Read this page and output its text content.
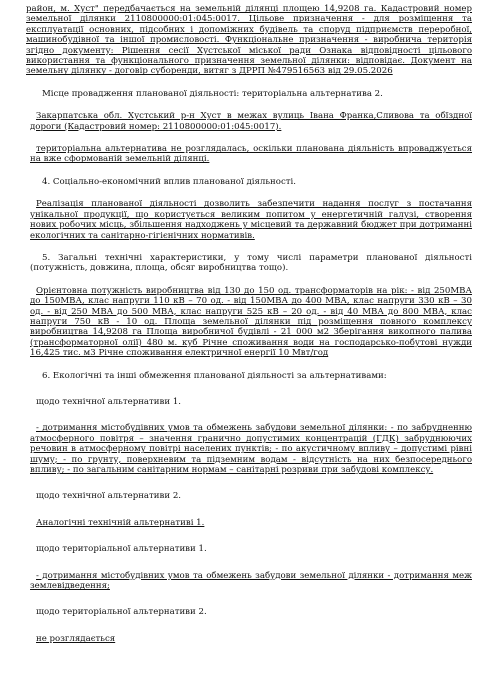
район, м. Хуст" передбачається на земельній ділянці площею 14,9208 га. Кадастровий номер земельної ділянки 2110800000:01:045:0017. Цільове призначення - для розміщення та експлуатації основних, підсобних і допоміжних будівель та споруд підприємств переробної, машинобудівної та іншої промисловості. Функціональне призначення - виробнича територія згідно документу: Рішення сесії Хустської міської ради Ознака відповідності цільового використання та функціонального призначення земельної ділянки: відповідає. Документ на земельну ділянку - договір суборенди, витяг з ДРРП №479516563 від 29.05.2026

Місце провадження планованої діяльності: територіальна альтернатива 2.

Закарпатська обл. Хустський р-н Хуст в межах вулиць Івана Франка,Сливова та обїздної дороги (Кадастровий номер: 2110800000:01:045:0017).

територіальна альтернатива не розглядалась, оскільки планована діяльність впроваджується на вже сформованій земельній ділянці.

4. Соціально-економічний вплив планованої діяльності.

Реалізація планованої діяльності дозволить забезпечити надання послуг з постачання унікальної продукції, що користується великим попитом у енергетичній галузі, створення нових робочих місць, збільшення надходжень у місцевий та державний бюджет при дотриманні екологічних та санітарно-гігієнічних нормативів.

5. Загальні технічні характеристики, у тому числі параметри планованої діяльності (потужність, довжина, площа, обсяг виробництва тощо).

Орієнтовна потужність виробництва від 130 до 150 од. трансформаторів на рік: - від 250МВА до 150МВА, клас напруги 110 кВ – 70 од. - від 150МВА до 400 МВА, клас напруги 330 кВ – 30 од. - від 250 МВА до 500 МВА, клас напруги 525 кВ – 20 од. - від 40 МВА до 800 МВА, клас напруги 750 кВ - 10 од. Площа земельної ділянки під розміщення повного комплексу виробництва 14,9208 га Площа виробничої будівлі - 21 000 м2 Зберігання викопного палива (трансформаторної олії) 480 м. куб Річне споживання води на господарсько-побутові нужди 16,425 тис. м3 Річне споживання електричної енергії 10 Мвт/год

6. Екологічні та інші обмеження планованої діяльності за альтернативами:

щодо технічної альтернативи 1.

- дотримання містобудівних умов та обмежень забудови земельної ділянки: - по забрудненню атмосферного повітря – значення гранично допустимих концентрацій (ГДК) забруднюючих речовин в атмосферному повітрі населених пунктів; - по акустичному впливу – допустимі рівні шуму; - по грунту, поверхневим та підземним водам - відсутність на них безпосереднього впливу; - по загальним санітарним нормам – санітарні розриви при забудові комплексу.

щодо технічної альтернативи 2.

Аналогічні технічній альтернативі 1.

щодо територіальної альтернативи 1.

- дотримання містобудівних умов та обмежень забудови земельної ділянки - дотримання меж землевідведення;

щодо територіальної альтернативи 2.

не розглядається
